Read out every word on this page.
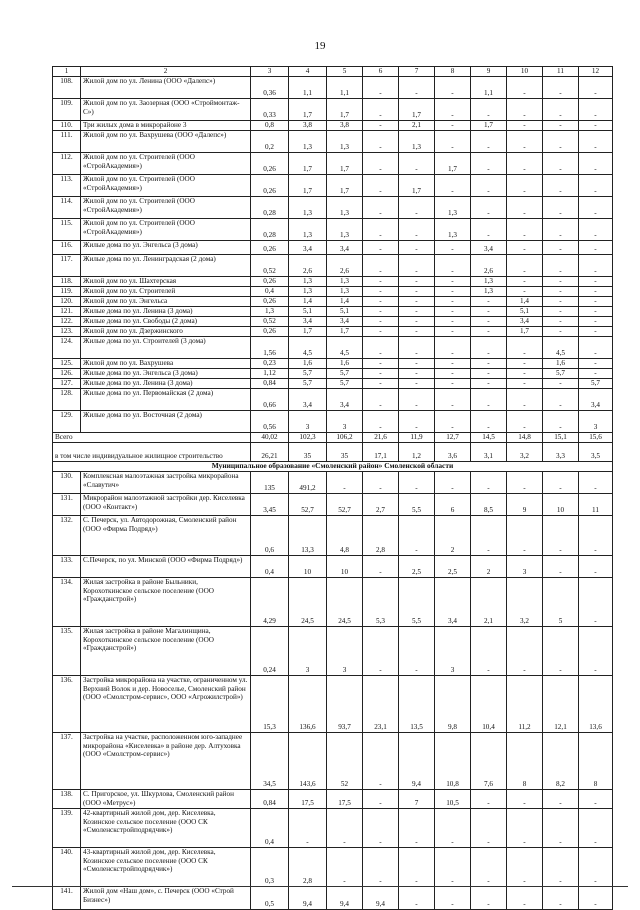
19
1	2	3	4	5	6	7	8	9	10	11	12
108.	Жилой дом по ул. Ленина (ООО «Далепс»)	0,36	1,1	1,1	-	-	-	1,1	-	-	-
109.	Жилой дом по ул. Заозерная (ООО «Строймонтаж-С»)	0,33	1,7	1,7	-	1,7	-	-	-	-	-
110.	Три жилых дома в микрорайоне 3	0,8	3,8	3,8	-	2,1	-	1,7	-	-	-
111.	Жилой дом по ул. Вахрушева (ООО «Далепс»)	0,2	1,3	1,3	-	1,3	-	-	-	-	-
112.	Жилой дом по ул. Строителей (ООО «СтройАкадемия»)	0,26	1,7	1,7	-	-	1,7	-	-	-	-
113.	Жилой дом по ул. Строителей (ООО «СтройАкадемия»)	0,26	1,7	1,7	-	1,7	-	-	-	-	-
114.	Жилой дом по ул. Строителей (ООО «СтройАкадемия»)	0,28	1,3	1,3	-	-	1,3	-	-	-	-
115.	Жилой дом по ул. Строителей (ООО «СтройАкадемия»)	0,28	1,3	1,3	-	-	1,3	-	-	-	-
116.	Жилые дома по ул. Энгельса (3 дома)	0,26	3,4	3,4	-	-	-	3,4	-	-	-
117.	Жилые дома по ул. Ленинградская (2 дома)	0,52	2,6	2,6	-	-	-	2,6	-	-	-
118.	Жилой дом по ул. Шахтерская	0,26	1,3	1,3	-	-	-	1,3	-	-	-
119.	Жилой дом по ул. Строителей	0,4	1,3	1,3	-	-	-	1,3	-	-	-
120.	Жилой дом по ул. Энгельса	0,26	1,4	1,4	-	-	-	-	1,4	-	-
121.	Жилые дома по ул. Ленина (3 дома)	1,3	5,1	5,1	-	-	-	-	5,1	-	-
122.	Жилые дома по ул. Свободы (2 дома)	0,52	3,4	3,4	-	-	-	-	3,4	-	-
123.	Жилой дом по ул. Дзержинского	0,26	1,7	1,7	-	-	-	-	1,7	-	-
124.	Жилые дома по ул. Строителей (3 дома)	1,56	4,5	4,5	-	-	-	-	-	4,5	-
125.	Жилой дом по ул. Вахрушева	0,23	1,6	1,6	-	-	-	-	-	1,6	-
126.	Жилые дома по ул. Энгельса (3 дома)	1,12	5,7	5,7	-	-	-	-	-	5,7	-
127.	Жилые дома по ул. Ленина (3 дома)	0,84	5,7	5,7	-	-	-	-	-	-	5,7
128.	Жилые дома по ул. Первомайская (2 дома)	0,66	3,4	3,4	-	-	-	-	-	-	3,4
129.	Жилые дома по ул. Восточная (2 дома)	0,56	3	3	-	-	-	-	-	-	3
Всего		40,02	102,3	106,2	21,6	11,9	12,7	14,5	14,8	15,1	15,6
в том числе индивидуальное жилищное строительство		26,21	35	35	17,1	1,2	3,6	3,1	3,2	3,3	3,5
Муниципальное образование «Смоленский район» Смоленской области											
130.	Комплексная малоэтажная застройка микрорайона «Славутич»	135	491,2	-	-	-	-	-	-	-	-
131.	Микрорайон малоэтажной застройки дер. Киселевка (ООО «Контакт»)	3,45	52,7	52,7	2,7	5,5	6	8,5	9	10	11
132.	С. Печерск, ул. Автодорожная, Смоленский район (ООО «Фирма Подряд»)	0,6	13,3	4,8	2,8	-	2	-	-	-	-
133.	С.Печерск, по ул. Минской (ООО «Фирма Подряд»)	0,4	10	10	-	2,5	2,5	2	3	-	-
134.	Жилая застройка в районе Быльники, Корохоткинское сельское поселение (ООО «Гражданстрой»)	4,29	24,5	24,5	5,3	5,5	3,4	2,1	3,2	5	-
135.	Жилая застройка в районе Магалинщина, Корохоткинское сельское поселение (ООО «Гражданстрой»)	0,24	3	3	-	-	3	-	-	-	-
136.	Застройка микрорайона на участке, ограниченном ул. Верхний Волок и дер. Новоселье, Смоленский район (ООО «Смолстром-сервис», ООО «Агрожилстрой»)	15,3	136,6	93,7	23,1	13,5	9,8	10,4	11,2	12,1	13,6
137.	Застройка на участке, расположенном юго-западнее микрорайона «Киселевка» в районе дер. Алтуховка (ООО «Смолстром-сервис»)	34,5	143,6	52	-	9,4	10,8	7,6	8	8,2	8
138.	С. Пригорское, ул. Шкурлова, Смоленский район (ООО «Метрус»)	0,84	17,5	17,5	-	7	10,5	-	-	-	-
139.	42-квартирный жилой дом, дер. Киселевка, Козинское сельское поселение (ООО СК «Смоленскстройподрядчик»)	0,4	-	-	-	-	-	-	-	-	-
140.	43-квартирный жилой дом, дер. Киселевка, Козинское сельское поселение (ООО СК «Смоленскстройподрядчик»)	0,3	2,8	-	-	-	-	-	-	-	-
141.	Жилой дом «Наш дом», с. Печерск (ООО «Строй Бизнес»)	0,5	9,4	9,4	9,4	-	-	-	-	-	-
